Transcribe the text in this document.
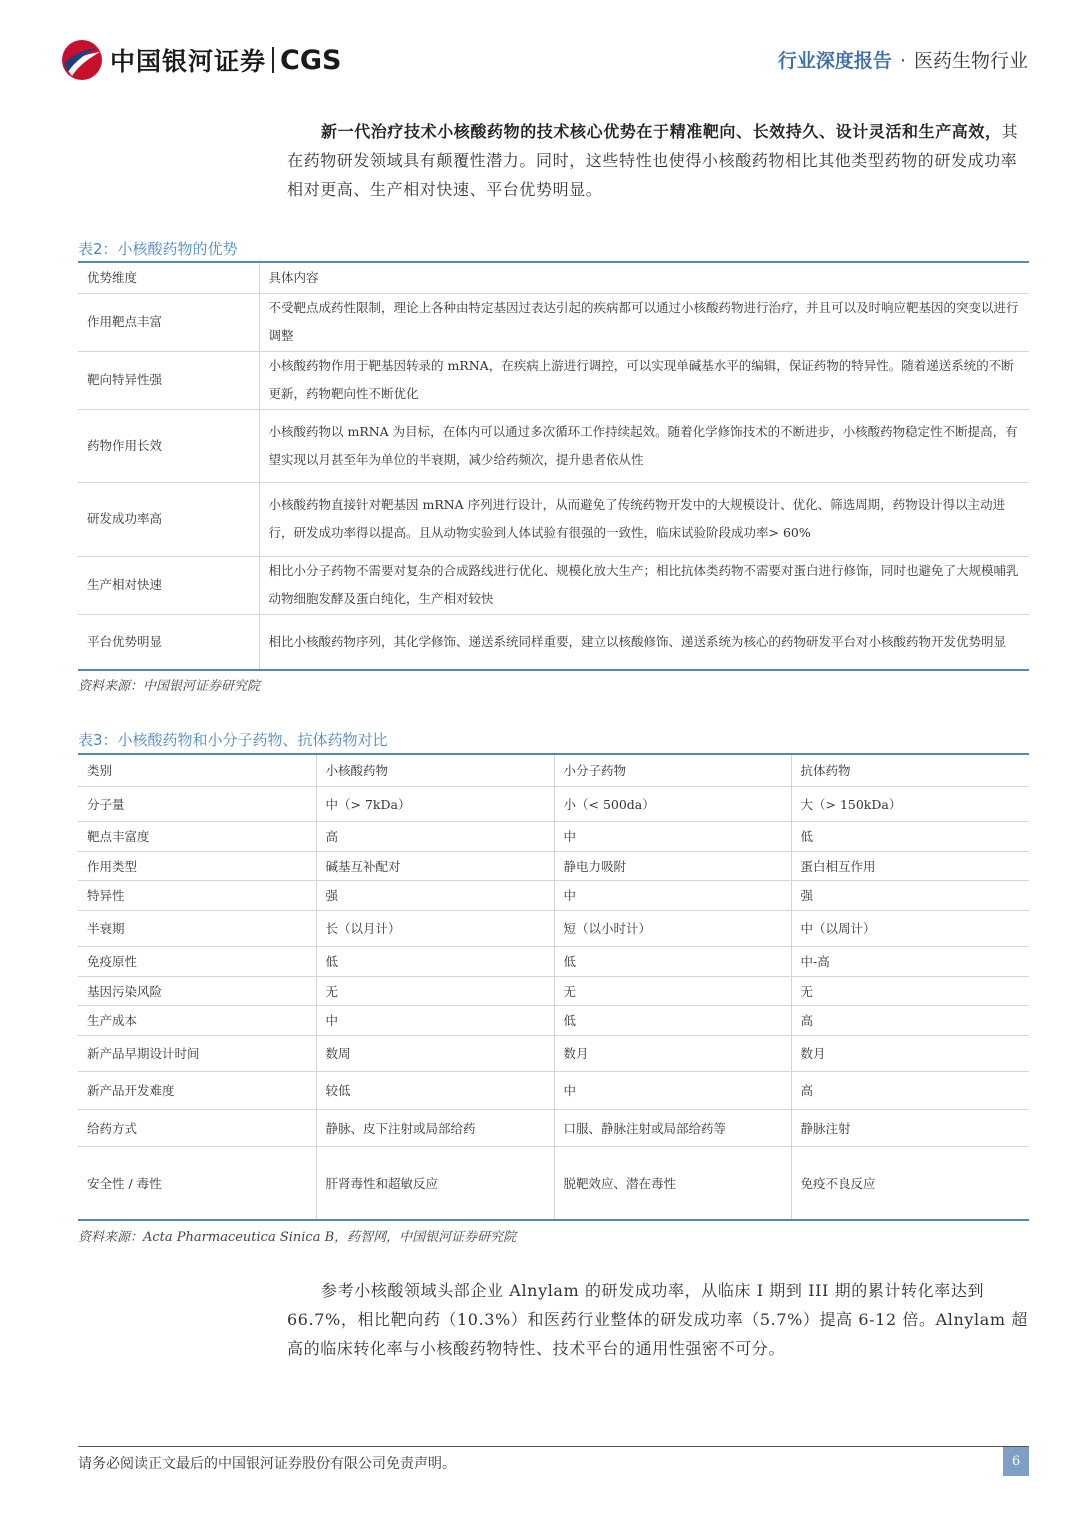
中国银河证券 CGS	行业深度报告 · 医药生物行业

新一代治疗技术小核酸药物的技术核心优势在于精准靶向、长效持久、设计灵活和生产高效，其在药物研发领域具有颠覆性潜力。同时，这些特性也使得小核酸药物相比其他类型药物的研发成功率相对更高、生产相对快速、平台优势明显。

表2：小核酸药物的优势
优势维度	具体内容
作用靶点丰富	不受靶点成药性限制，理论上各种由特定基因过表达引起的疾病都可以通过小核酸药物进行治疗，并且可以及时响应靶基因的突变以进行调整
靶向特异性强	小核酸药物作用于靶基因转录的 mRNA，在疾病上游进行调控，可以实现单碱基水平的编辑，保证药物的特异性。随着递送系统的不断更新，药物靶向性不断优化
药物作用长效	小核酸药物以 mRNA 为目标，在体内可以通过多次循环工作持续起效。随着化学修饰技术的不断进步，小核酸药物稳定性不断提高，有望实现以月甚至年为单位的半衰期，减少给药频次，提升患者依从性
研发成功率高	小核酸药物直接针对靶基因 mRNA 序列进行设计，从而避免了传统药物开发中的大规模设计、优化、筛选周期，药物设计得以主动进行，研发成功率得以提高。且从动物实验到人体试验有很强的一致性，临床试验阶段成功率> 60%
生产相对快速	相比小分子药物不需要对复杂的合成路线进行优化、规模化放大生产；相比抗体类药物不需要对蛋白进行修饰，同时也避免了大规模哺乳动物细胞发酵及蛋白纯化，生产相对较快
平台优势明显	相比小核酸药物序列，其化学修饰、递送系统同样重要，建立以核酸修饰、递送系统为核心的药物研发平台对小核酸药物开发优势明显
资料来源：中国银河证券研究院
表3：小核酸药物和小分子药物、抗体药物对比
类别	小核酸药物	小分子药物	抗体药物
分子量	中（> 7kDa）	小（< 500da）	大（> 150kDa）
靶点丰富度	高	中	低
作用类型	碱基互补配对	静电力吸附	蛋白相互作用
特异性	强	中	强
半衰期	长（以月计）	短（以小时计）	中（以周计）
免疫原性	低	低	中-高
基因污染风险	无	无	无
生产成本	中	低	高
新产品早期设计时间	数周	数月	数月
新产品开发难度	较低	中	高
给药方式	静脉、皮下注射或局部给药	口服、静脉注射或局部给药等	静脉注射
安全性 / 毒性	肝肾毒性和超敏反应	脱靶效应、潜在毒性	免疫不良反应
资料来源：Acta Pharmaceutica Sinica B，药智网，中国银河证券研究院

参考小核酸领域头部企业 Alnylam 的研发成功率，从临床 I 期到 III 期的累计转化率达到 66.7%，相比靶向药（10.3%）和医药行业整体的研发成功率（5.7%）提高 6-12 倍。Alnylam 超高的临床转化率与小核酸药物特性、技术平台的通用性强密不可分。

请务必阅读正文最后的中国银河证券股份有限公司免责声明。	6
